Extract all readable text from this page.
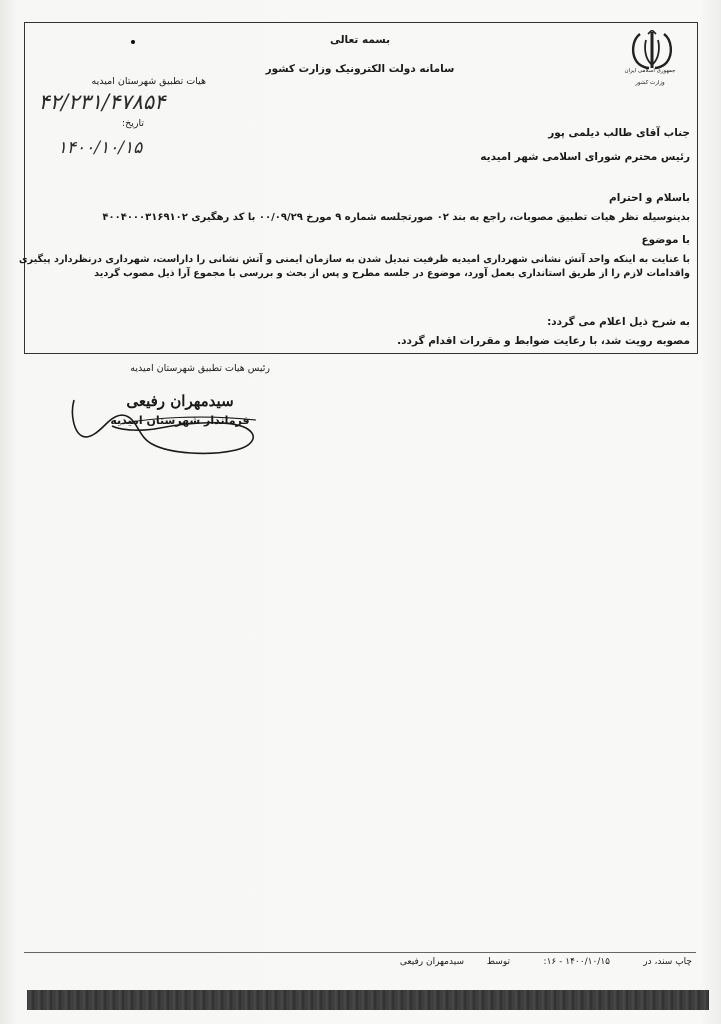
جمهوری اسلامی ایران
وزارت کشور
بسمه تعالی
سامانه دولت الکترونیک وزارت کشور
هیات تطبیق شهرستان امیدیه
۴۲/۲۳۱/۴۷۸۵۴
تاریخ:
۱۴۰۰/۱۰/۱۵
جناب آقای طالب دیلمی پور
رئیس محترم شورای اسلامی شهر امیدیه
باسلام و احترام
بدینوسیله نظر هیات تطبیق مصوبات، راجع به بند ۰۲ صورتجلسه شماره ۹ مورخ ۰۰/۰۹/۲۹ با کد رهگیری ۴۰۰۴۰۰۰۳۱۶۹۱۰۲
با موضوع
با عنایت به اینکه واحد آتش نشانی شهرداری امیدیه ظرفیت تبدیل شدن به سازمان ایمنی و آتش نشانی را داراست، شهرداری درنظردارد پیگیری
واقدامات لازم را از طریق استانداری بعمل آورد، موضوع در جلسه مطرح و پس از بحث و بررسی با مجموع آرا ذیل مصوب گردید
به شرح ذیل اعلام می گردد:
مصوبه رویت شد، با رعایت ضوابط و مقررات اقدام گردد.
رئیس هیات تطبیق شهرستان امیدیه
سیدمهران رفیعی
فرماندار شهرستان امیدیه
چاپ سند، در
۱۴۰۰/۱۰/۱۵ - ۱۶:
توسط
سیدمهران رفیعی
